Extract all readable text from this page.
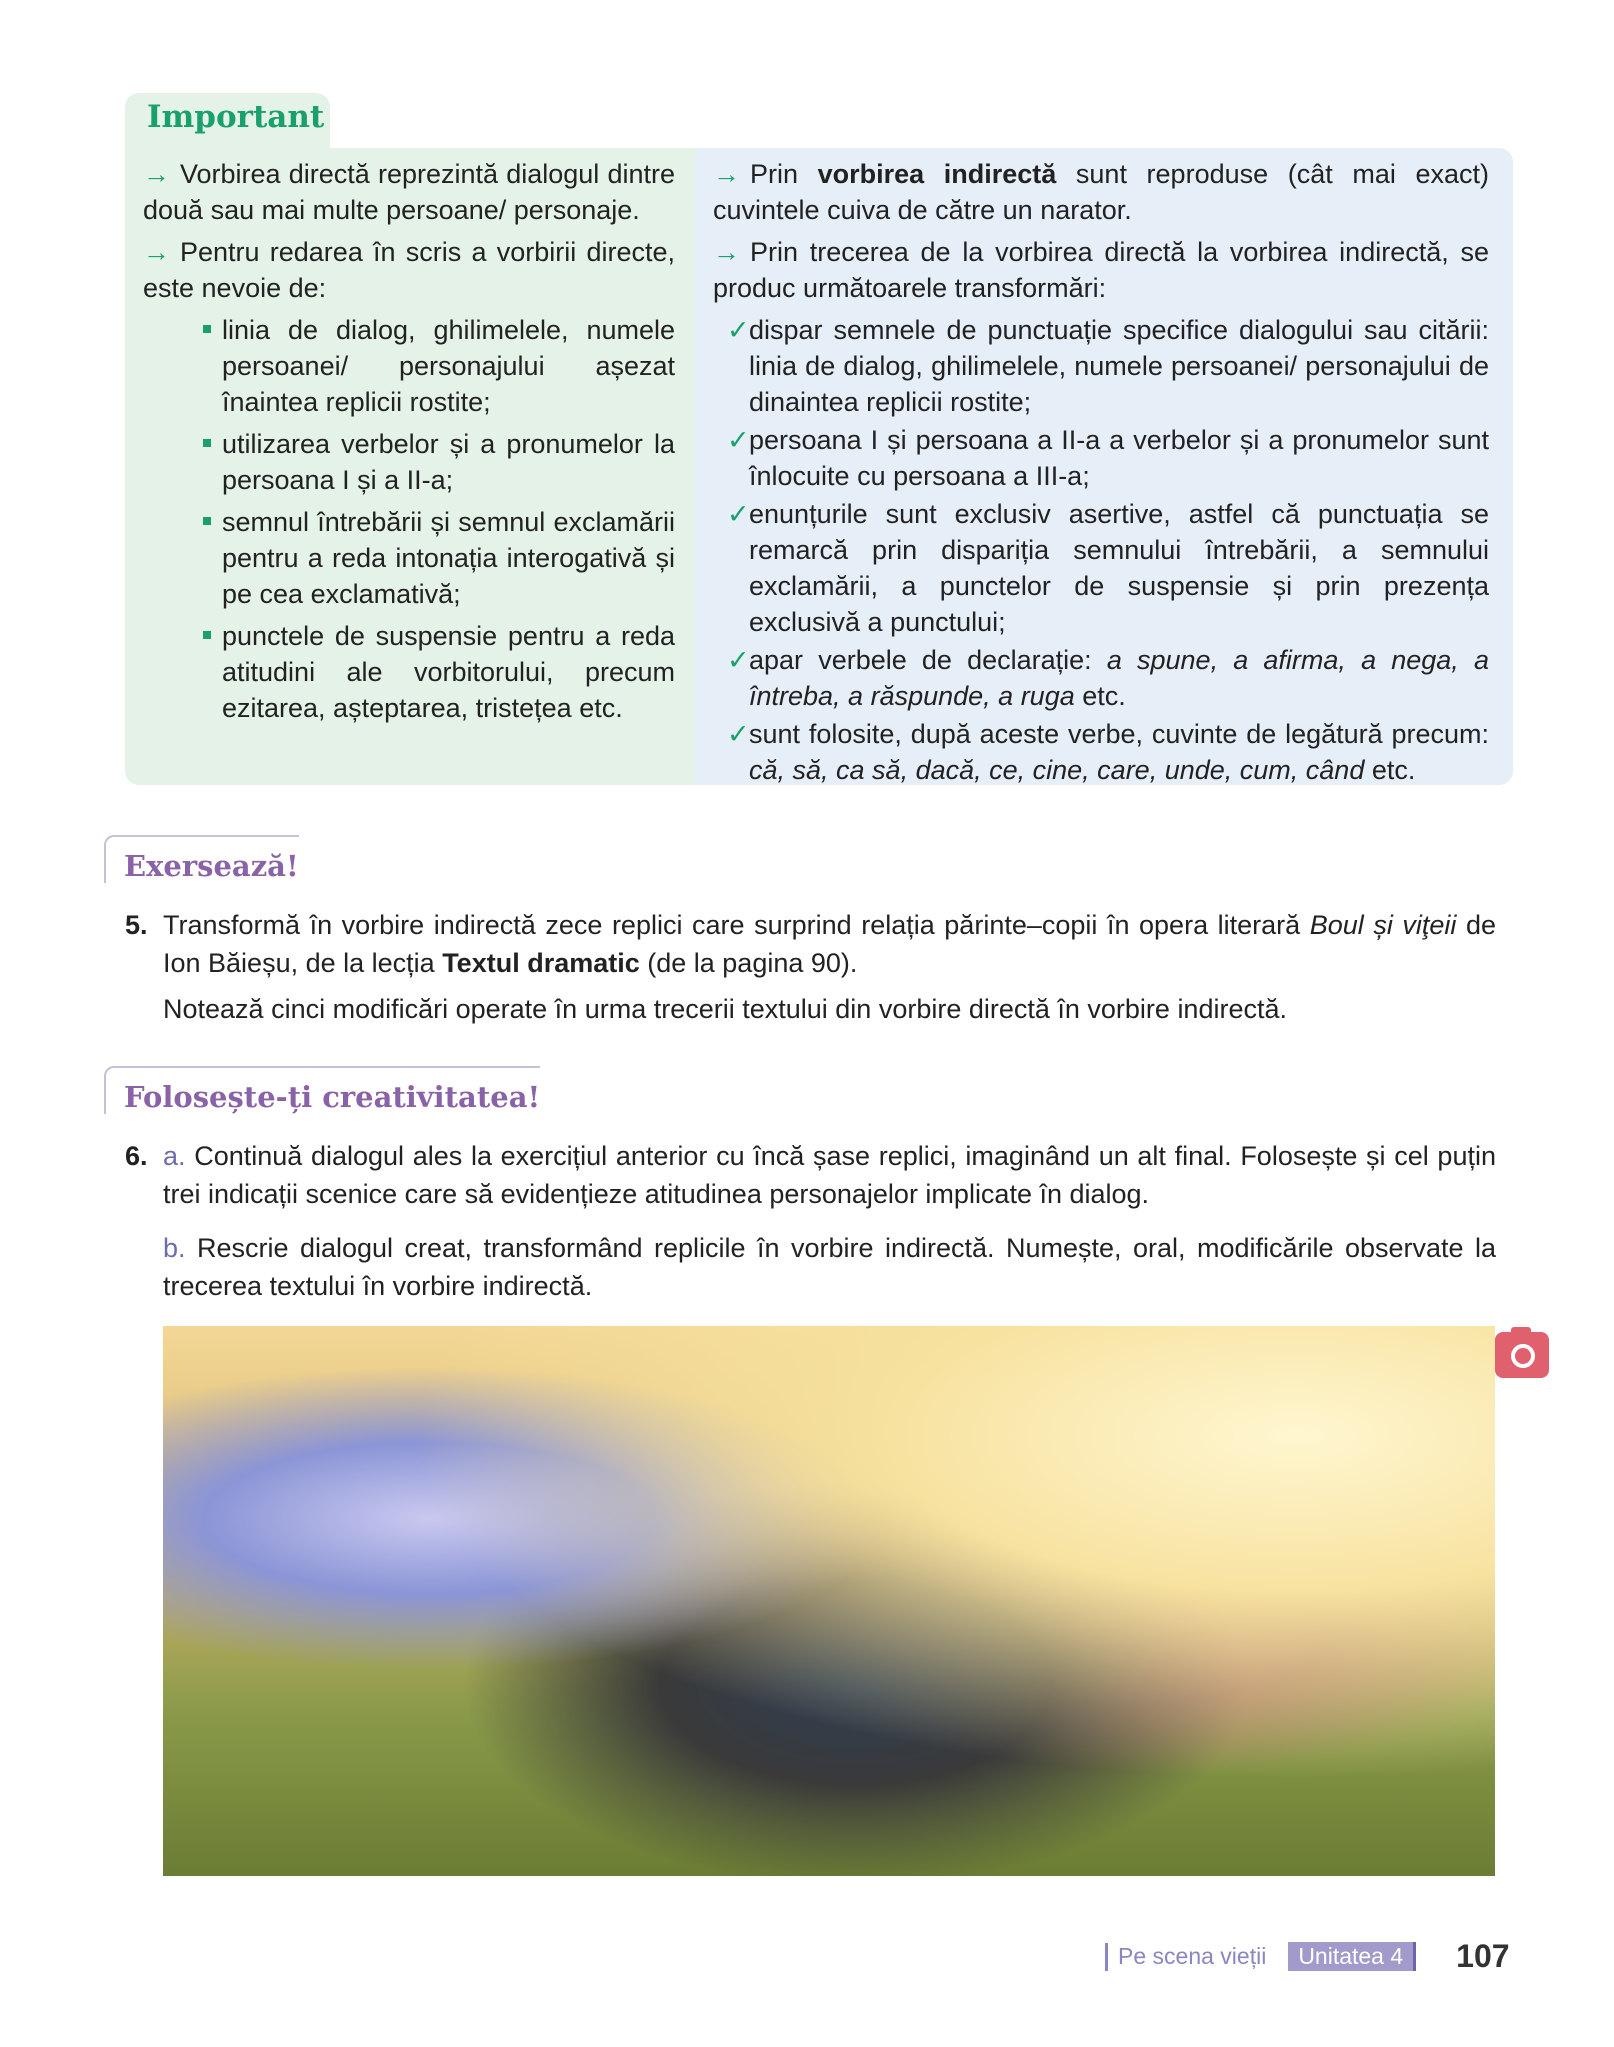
Important

→ Vorbirea directă reprezintă dialogul dintre două sau mai multe persoane/ personaje.

→ Pentru redarea în scris a vorbirii directe, este nevoie de:

linia de dialog, ghilimelele, numele persoanei/ personajului așezat înaintea replicii rostite;

utilizarea verbelor și a pronumelor la persoana I și a II-a;

semnul întrebării și semnul exclamării pentru a reda intonația interogativă și pe cea exclamativă;

punctele de suspensie pentru a reda atitudini ale vorbitorului, precum ezitarea, așteptarea, tristețea etc.

→ Prin vorbirea indirectă sunt reproduse (cât mai exact) cuvintele cuiva de către un narator.

→ Prin trecerea de la vorbirea directă la vorbirea indirectă, se produc următoarele transformări:

✓ dispar semnele de punctuație specifice dialogului sau citării: linia de dialog, ghilimelele, numele persoanei/ personajului de dinaintea replicii rostite;

✓ persoana I și persoana a II-a a verbelor și a pronumelor sunt înlocuite cu persoana a III-a;

✓ enunțurile sunt exclusiv asertive, astfel că punctuația se remarcă prin dispariția semnului întrebării, a semnului exclamării, a punctelor de suspensie și prin prezența exclusivă a punctului;

✓ apar verbele de declarație: a spune, a afirma, a nega, a întreba, a răspunde, a ruga etc.

✓ sunt folosite, după aceste verbe, cuvinte de legătură precum: că, să, ca să, dacă, ce, cine, care, unde, cum, când etc.

Exersează!
5. Transformă în vorbire indirectă zece replici care surprind relația părinte–copii în opera literară Boul și viţeii de Ion Băieșu, de la lecția Textul dramatic (de la pagina 90).

Notează cinci modificări operate în urma trecerii textului din vorbire directă în vorbire indirectă.

Folosește-ți creativitatea!
6. a. Continuă dialogul ales la exercițiul anterior cu încă șase replici, imaginând un alt final. Folosește și cel puțin trei indicații scenice care să evidențieze atitudinea personajelor implicate în dialog.

b. Rescrie dialogul creat, transformând replicile în vorbire indirectă. Numește, oral, modificările observate la trecerea textului în vorbire indirectă.

Pe scena vieții	Unitatea 4	107
